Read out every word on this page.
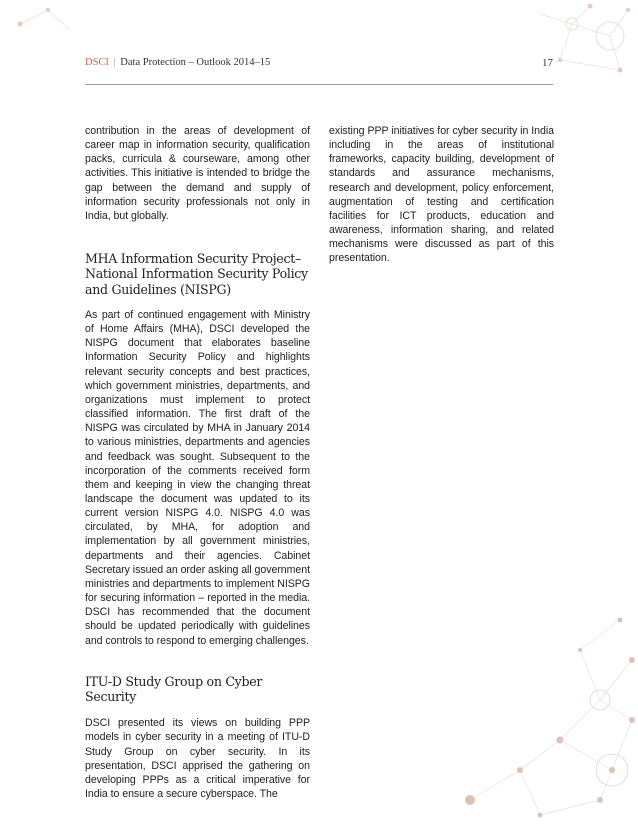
DSCI | Data Protection – Outlook 2014–15	17

contribution in the areas of development of career map in information security, qualification packs, curricula & courseware, among other activities. This initiative is intended to bridge the gap between the demand and supply of information security professionals not only in India, but globally.

MHA Information Security Project– National Information Security Policy and Guidelines (NISPG)

As part of continued engagement with Ministry of Home Affairs (MHA), DSCI developed the NISPG document that elaborates baseline Information Security Policy and highlights relevant security concepts and best practices, which government ministries, departments, and organizations must implement to protect classified information. The first draft of the NISPG was circulated by MHA in January 2014 to various ministries, departments and agencies and feedback was sought. Subsequent to the incorporation of the comments received form them and keeping in view the changing threat landscape the document was updated to its current version NISPG 4.0. NISPG 4.0 was circulated, by MHA, for adoption and implementation by all government ministries, departments and their agencies. Cabinet Secretary issued an order asking all government ministries and departments to implement NISPG for securing information – reported in the media. DSCI has recommended that the document should be updated periodically with guidelines and controls to respond to emerging challenges.

ITU-D Study Group on Cyber Security

DSCI presented its views on building PPP models in cyber security in a meeting of ITU-D Study Group on cyber security. In its presentation, DSCI apprised the gathering on developing PPPs as a critical imperative for India to ensure a secure cyberspace. The

existing PPP initiatives for cyber security in India including in the areas of institutional frameworks, capacity building, development of standards and assurance mechanisms, research and development, policy enforcement, augmentation of testing and certification facilities for ICT products, education and awareness, information sharing, and related mechanisms were discussed as part of this presentation.
